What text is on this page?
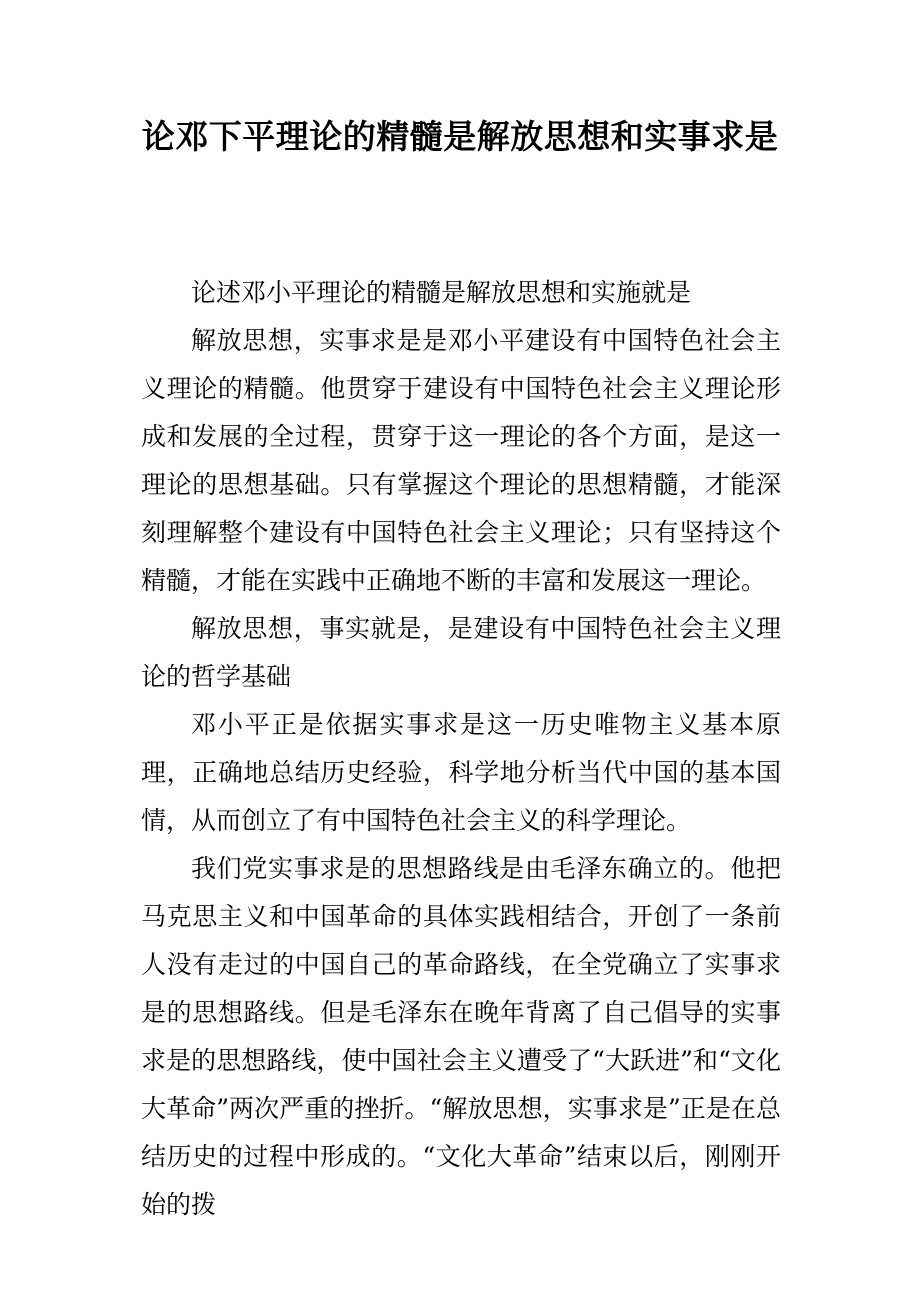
论邓下平理论的精髓是解放思想和实事求是

论述邓小平理论的精髓是解放思想和实施就是

解放思想，实事求是是邓小平建设有中国特色社会主义理论的精髓。他贯穿于建设有中国特色社会主义理论形成和发展的全过程，贯穿于这一理论的各个方面，是这一理论的思想基础。只有掌握这个理论的思想精髓，才能深刻理解整个建设有中国特色社会主义理论；只有坚持这个精髓，才能在实践中正确地不断的丰富和发展这一理论。

解放思想，事实就是，是建设有中国特色社会主义理论的哲学基础

邓小平正是依据实事求是这一历史唯物主义基本原理，正确地总结历史经验，科学地分析当代中国的基本国情，从而创立了有中国特色社会主义的科学理论。

我们党实事求是的思想路线是由毛泽东确立的。他把马克思主义和中国革命的具体实践相结合，开创了一条前人没有走过的中国自己的革命路线，在全党确立了实事求是的思想路线。但是毛泽东在晚年背离了自己倡导的实事求是的思想路线，使中国社会主义遭受了“大跃进”和“文化大革命”两次严重的挫折。“解放思想，实事求是”正是在总结历史的过程中形成的。“文化大革命”结束以后，刚刚开始的拨
